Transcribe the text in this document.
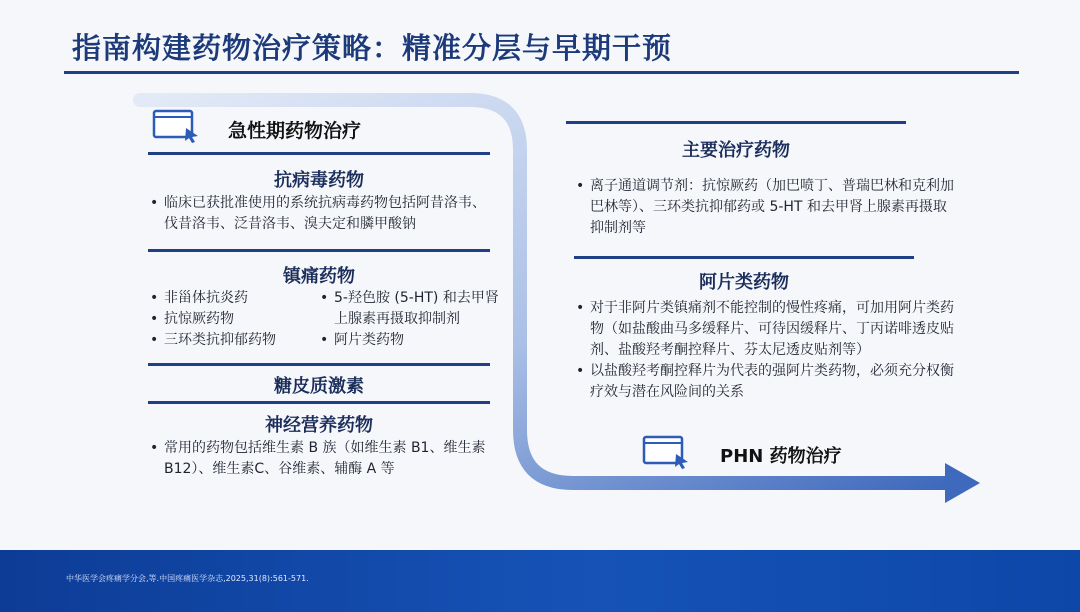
指南构建药物治疗策略：精准分层与早期干预
急性期药物治疗
抗病毒药物
• 临床已获批准使用的系统抗病毒药物包括阿昔洛韦、伐昔洛韦、泛昔洛韦、溴夫定和膦甲酸钠
镇痛药物
• 非甾体抗炎药
• 抗惊厥药物
• 三环类抗抑郁药物
• 5-羟色胺 (5-HT) 和去甲肾上腺素再摄取抑制剂
• 阿片类药物
糖皮质激素
神经营养药物
• 常用的药物包括维生素 B 族（如维生素 B1、维生素 B12）、维生素C、谷维素、辅酶 A 等
主要治疗药物
• 离子通道调节剂：抗惊厥药（加巴喷丁、普瑞巴林和克利加巴林等）、三环类抗抑郁药或 5-HT 和去甲肾上腺素再摄取抑制剂等
阿片类药物
• 对于非阿片类镇痛剂不能控制的慢性疼痛，可加用阿片类药物（如盐酸曲马多缓释片、可待因缓释片、丁丙诺啡透皮贴剂、盐酸羟考酮控释片、芬太尼透皮贴剂等）
• 以盐酸羟考酮控释片为代表的强阿片类药物，必须充分权衡疗效与潜在风险间的关系
PHN 药物治疗
中华医学会疼痛学分会,等.中国疼痛医学杂志,2025,31(8):561-571.
